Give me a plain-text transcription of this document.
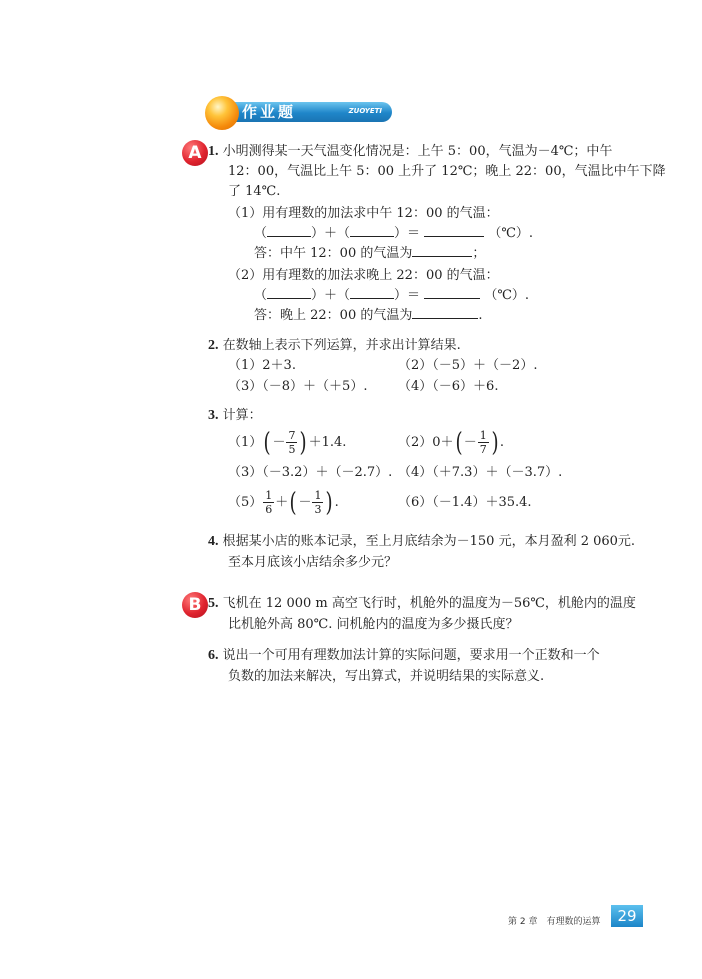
作业题	ZUOYETI
A 1. 小明测得某一天气温变化情况是：上午 5：00，气温为－4℃；中午
12：00，气温比上午 5：00 上升了 12℃；晚上 22：00，气温比中午下降
了 14℃.
（1）用有理数的加法求中午 12：00 的气温：
（	）＋（	）＝	（℃）.
答：中午 12：00 的气温为	；
（2）用有理数的加法求晚上 22：00 的气温：
（	）＋（	）＝	（℃）.
答：晚上 22：00 的气温为	.
2. 在数轴上表示下列运算，并求出计算结果.
（1）2＋3.	（2）（－5）＋（－2）.
（3）（－8）＋（＋5）. （4）（－6）＋6.
3. 计算：
$(1)( - \frac{7}{5}$ ) ＋1.4.	$(2)0+( - \frac{1}{7}$ ) .
（3）（－3.2）＋（－2.7）. （4）（＋7.3）＋（－3.7）.
$(5) \frac{1}{6}$ ＋( － $\frac{1}{3}$ ) .	（6）（－1.4）＋35.4.
4. 根据某小店的账本记录，至上月底结余为－150 元，本月盈利 2 060元.
至本月底该小店结余多少元？
B 5. 飞机在 12 000 m 高空飞行时，机舱外的温度为－56℃，机舱内的温度
比机舱外高 80℃. 问机舱内的温度为多少摄氏度？
6. 说出一个可用有理数加法计算的实际问题，要求用一个正数和一个
负数的加法来解决，写出算式，并说明结果的实际意义.
第 2 章　有理数的运算	29
